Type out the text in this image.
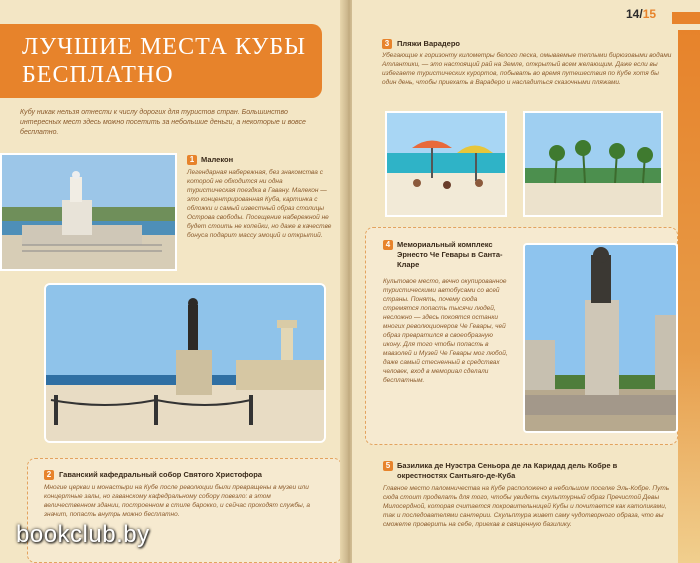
ЛУЧШИЕ МЕСТА КУБЫ БЕСПЛАТНО
Кубу никак нельзя отнести к числу дорогих для туристов стран. Большинство интересных мест здесь можно посетить за небольшие деньги, а некоторые и вовсе бесплатно.
1 Малекон
Легендарная набережная, без знакомства с которой не обходится ни одна туристическая поездка в Гавану. Малекон — это концентрированная Куба, картинка с обложки и самый известный образ столицы Острова свободы. Посещение набережной не будет стоить не копейки, но даже в качестве бонуса подарит массу эмоций и открытий.
2	Гаванский кафедральный собор Святого Христофора
Многие церкви и монастыри на Кубе после революции были превращены в музеи или концертные залы, но гаванскому кафедральному собору повезло: в этом величественном здании, построенном в стиле барокко, и сейчас проходят службы, а значит, попасть внутрь можно бесплатно.
14/15
3	Пляжи Варадеро
Убегающие к горизонту километры белого песка, омываемые теплыми бирюзовыми водами Атлантики, — это настоящий рай на Земле, открытый всем желающим. Даже если вы избегаете туристических курортов, побывать во время путешествия по Кубе хотя бы один день, чтобы приехать в Варадеро и насладиться сказочными пляжами.
4 Мемориальный комплекс Эрнесто Че Гевары в Санта-Кларе
Культовое место, вечно окупированное туристическими автобусами со всей страны. Понять, почему сюда стремятся попасть тысячи людей, несложно — здесь покоятся останки многих революционеров Че Гевары, чей образ превратился в своеобразную икону. Для того чтобы попасть в мавзолей и Музей Че Гевары мог любой, даже самый стесненный в средствах человек, вход в мемориал сделали бесплатным.
5 Базилика де Нуэстра Сеньора де ла Каридад дель Кобре в окрестностях Сантьяго-де-Куба
Главное место паломничества на Кубе расположено в небольшом поселке Эль-Кобре. Путь сюда стоит проделать для того, чтобы увидеть скульптурный образ Пречистой Девы Милосердной, которая считается покровительницей Кубы и почитается как католиками, так и последователями сантерии. Скульптура живет саму чудотворного образа, что вы сможете проверить на себе, приехав в священную базилику.
bookclub.by
